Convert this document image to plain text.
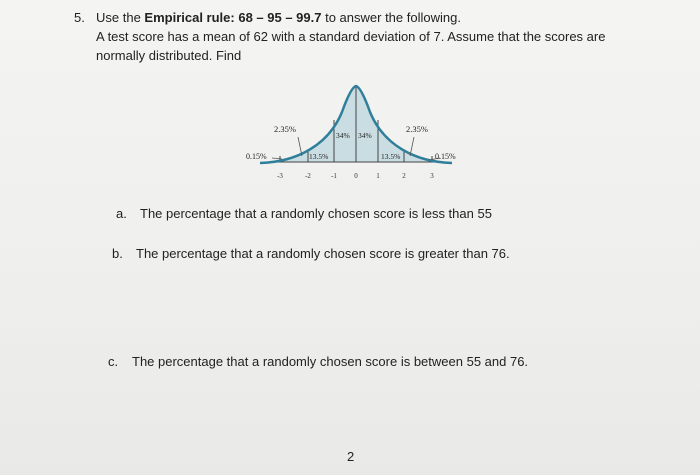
5. Use the Empirical rule: 68 – 95 – 99.7 to answer the following.
A test score has a mean of 62 with a standard deviation of 7. Assume that the scores are
normally distributed. Find
2.35%
34% 34%
2.35%
0.15%	13.5%	13.5%	0.15%
-3	-2	-1 0	1	2	3
a. The percentage that a randomly chosen score is less than 55
b. The percentage that a randomly chosen score is greater than 76.
c. The percentage that a randomly chosen score is between 55 and 76.
2
